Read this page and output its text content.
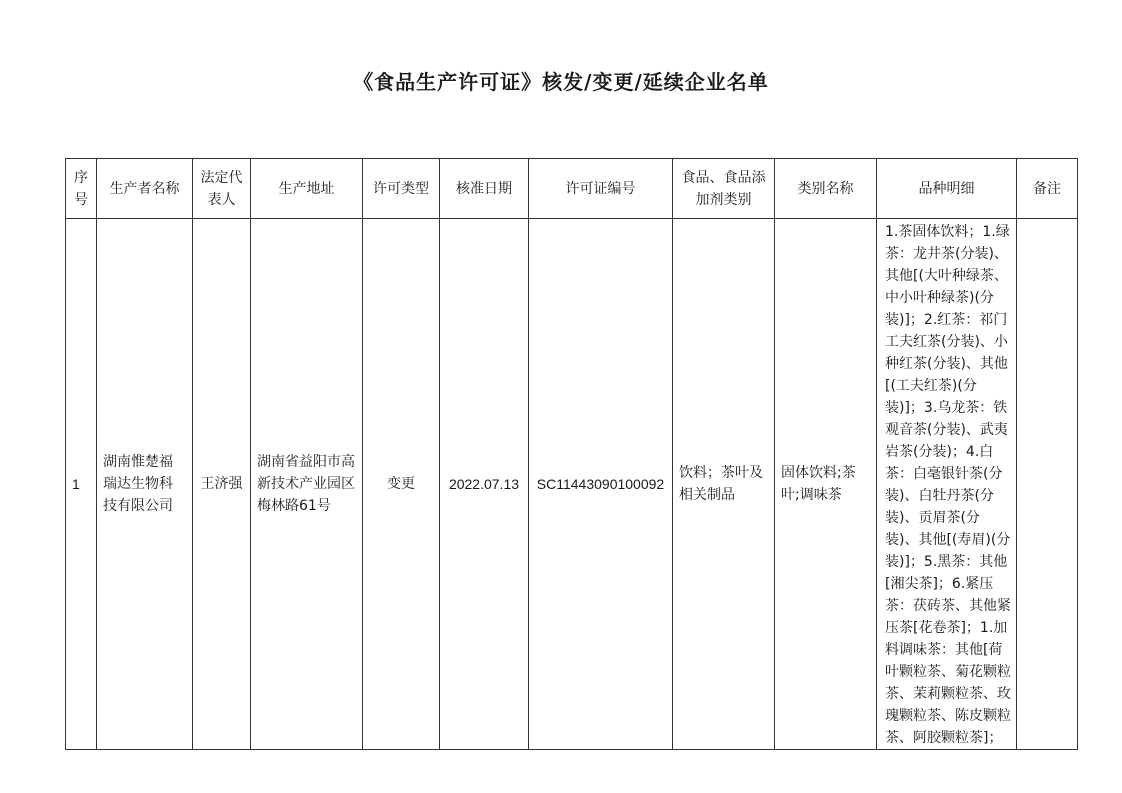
《食品生产许可证》核发/变更/延续企业名单
序号	生产者名称	法定代表人	生产地址	许可类型	核准日期	许可证编号	食品、食品添加剂类别	类别名称	品种明细	备注
1	湖南惟楚福瑞达生物科技有限公司	王济强	湖南省益阳市高新技术产业园区梅林路61号	变更	2022.07.13	SC11443090100092	饮料；茶叶及相关制品	固体饮料;茶叶;调味茶	1.茶固体饮料；1.绿茶：龙井茶(分装)、其他[(大叶种绿茶、中小叶种绿茶)(分装)]；2.红茶：祁门工夫红茶(分装)、小种红茶(分装)、其他[(工夫红茶)(分装)]；3.乌龙茶：铁观音茶(分装)、武夷岩茶(分装)；4.白茶：白毫银针茶(分装)、白牡丹茶(分装)、贡眉茶(分装)、其他[(寿眉)(分装)]；5.黑茶：其他[湘尖茶]；6.紧压茶：茯砖茶、其他紧压茶[花卷茶]；1.加料调味茶：其他[荷叶颗粒茶、菊花颗粒茶、茉莉颗粒茶、玫瑰颗粒茶、陈皮颗粒茶、阿胶颗粒茶]；	
